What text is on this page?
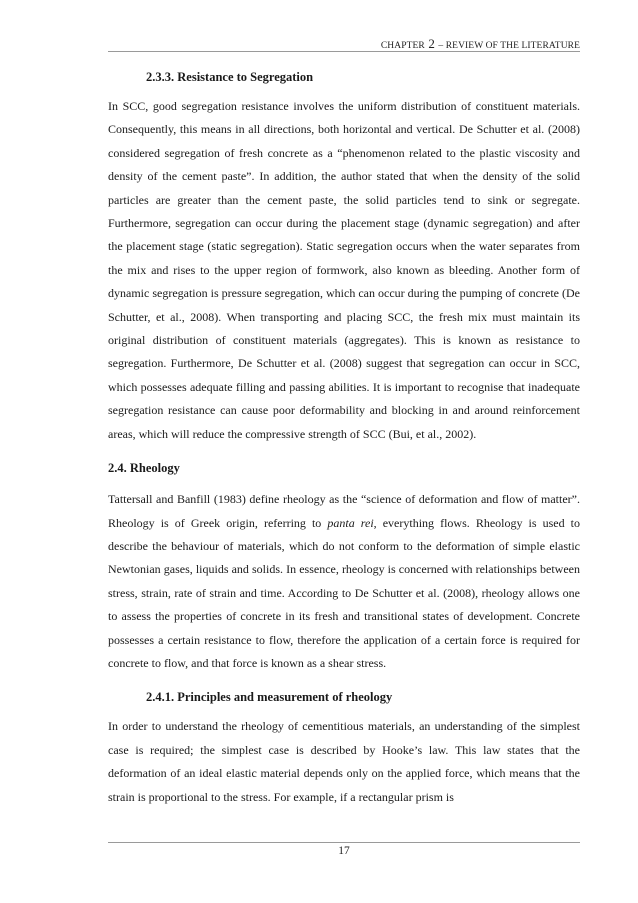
CHAPTER 2 – REVIEW OF THE LITERATURE
2.3.3. Resistance to Segregation

In SCC, good segregation resistance involves the uniform distribution of constituent materials. Consequently, this means in all directions, both horizontal and vertical. De Schutter et al. (2008) considered segregation of fresh concrete as a “phenomenon related to the plastic viscosity and density of the cement paste”. In addition, the author stated that when the density of the solid particles are greater than the cement paste, the solid particles tend to sink or segregate. Furthermore, segregation can occur during the placement stage (dynamic segregation) and after the placement stage (static segregation). Static segregation occurs when the water separates from the mix and rises to the upper region of formwork, also known as bleeding. Another form of dynamic segregation is pressure segregation, which can occur during the pumping of concrete (De Schutter, et al., 2008). When transporting and placing SCC, the fresh mix must maintain its original distribution of constituent materials (aggregates). This is known as resistance to segregation. Furthermore, De Schutter et al. (2008) suggest that segregation can occur in SCC, which possesses adequate filling and passing abilities. It is important to recognise that inadequate segregation resistance can cause poor deformability and blocking in and around reinforcement areas, which will reduce the compressive strength of SCC (Bui, et al., 2002).

2.4. Rheology

Tattersall and Banfill (1983) define rheology as the “science of deformation and flow of matter”. Rheology is of Greek origin, referring to panta rei, everything flows. Rheology is used to describe the behaviour of materials, which do not conform to the deformation of simple elastic Newtonian gases, liquids and solids. In essence, rheology is concerned with relationships between stress, strain, rate of strain and time. According to De Schutter et al. (2008), rheology allows one to assess the properties of concrete in its fresh and transitional states of development. Concrete possesses a certain resistance to flow, therefore the application of a certain force is required for concrete to flow, and that force is known as a shear stress.

2.4.1. Principles and measurement of rheology

In order to understand the rheology of cementitious materials, an understanding of the simplest case is required; the simplest case is described by Hooke’s law. This law states that the deformation of an ideal elastic material depends only on the applied force, which means that the strain is proportional to the stress. For example, if a rectangular prism is

17
